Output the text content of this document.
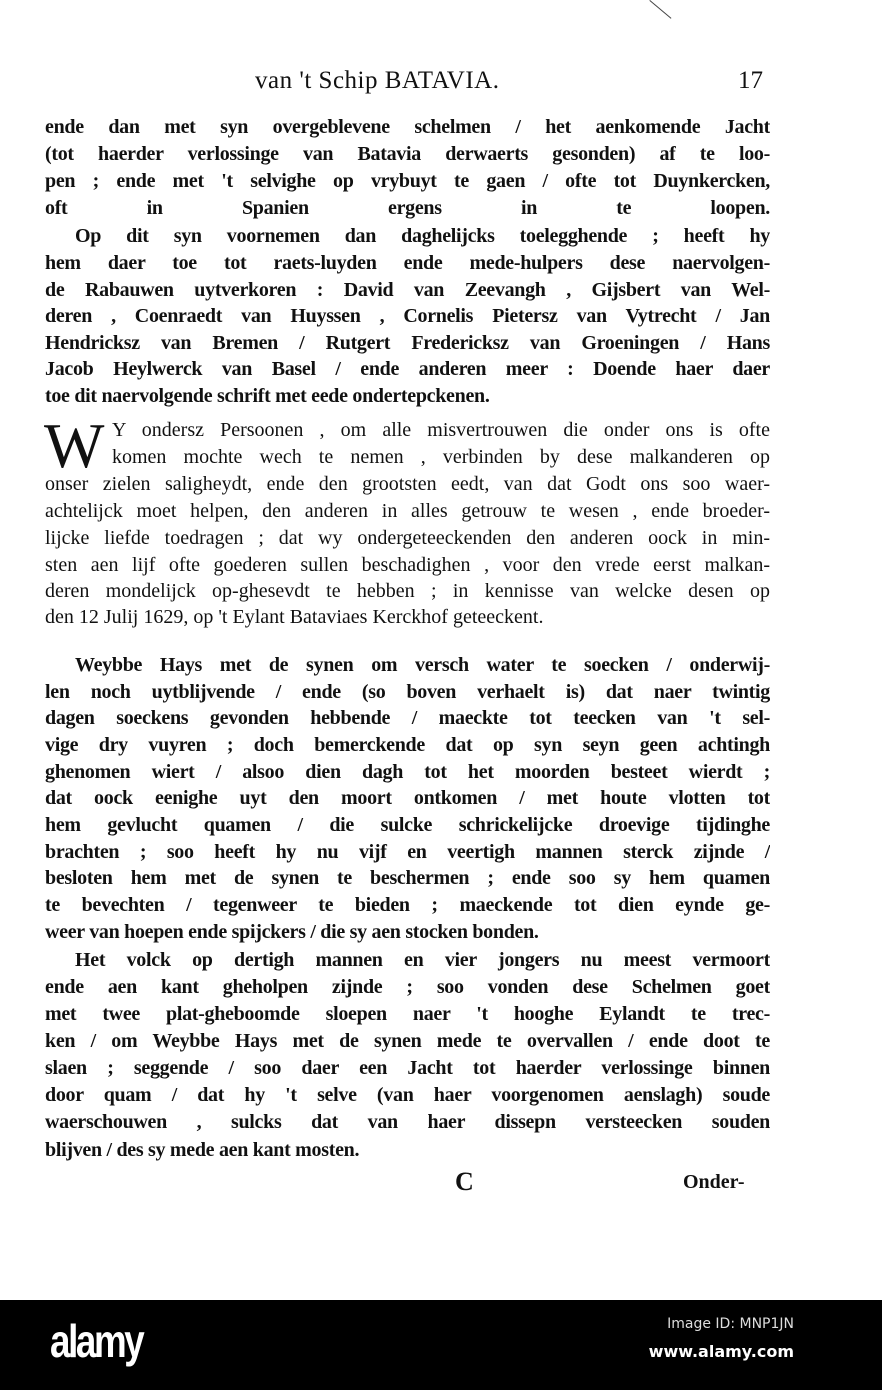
van 't Schip BATAVIA.	17
W
ende dan met syn overgeblevene schelmen / het aenkomende Jacht
(tot haerder verlossinge van Batavia derwaerts gesonden) af te loo-
pen ; ende met 't selvighe op vrybuyt te gaen / ofte tot Duynkercken,
oft in Spanien ergens in te loopen.
Op dit syn voornemen dan daghelijcks toelegghende ; heeft hy
hem daer toe tot raets-luyden ende mede-hulpers dese naervolgen-
de Rabauwen uytverkoren : David van Zeevangh , Gijsbert van Wel-
deren , Coenraedt van Huyssen , Cornelis Pietersz van Vytrecht / Jan
Hendricksz van Bremen / Rutgert Fredericksz van Groeningen / Hans
Jacob Heylwerck van Basel / ende anderen meer : Doende haer daer
toe dit naervolgende schrift met eede ondertepckenen.
Y ondersz Persoonen , om alle misvertrouwen die onder ons is ofte
komen mochte wech te nemen , verbinden by dese malkanderen op
onser zielen saligheydt, ende den grootsten eedt, van dat Godt ons soo waer-
achtelijck moet helpen, den anderen in alles getrouw te wesen , ende broeder-
lijcke liefde toedragen ; dat wy ondergeteeckenden den anderen oock in min-
sten aen lijf ofte goederen sullen beschadighen , voor den vrede eerst malkan-
deren mondelijck op-ghesevdt te hebben ; in kennisse van welcke desen op
den 12 Julij 1629, op 't Eylant Bataviaes Kerckhof geteeckent.
Weybbe Hays met de synen om versch water te soecken / onderwij-
len noch uytblijvende / ende (so boven verhaelt is) dat naer twintig
dagen soeckens gevonden hebbende / maeckte tot teecken van 't sel-
vige dry vuyren ; doch bemerckende dat op syn seyn geen achtingh
ghenomen wiert / alsoo dien dagh tot het moorden besteet wierdt ;
dat oock eenighe uyt den moort ontkomen / met houte vlotten tot
hem gevlucht quamen / die sulcke schrickelijcke droevige tijdinghe
brachten ; soo heeft hy nu vijf en veertigh mannen sterck zijnde /
besloten hem met de synen te beschermen ; ende soo sy hem quamen
te bevechten / tegenweer te bieden ; maeckende tot dien eynde ge-
weer van hoepen ende spijckers / die sy aen stocken bonden.
Het volck op dertigh mannen en vier jongers nu meest vermoort
ende aen kant gheholpen zijnde ; soo vonden dese Schelmen goet
met twee plat-gheboomde sloepen naer 't hooghe Eylandt te trec-
ken / om Weybbe Hays met de synen mede te overvallen / ende doot te
slaen ; seggende / soo daer een Jacht tot haerder verlossinge binnen
door quam / dat hy 't selve (van haer voorgenomen aenslagh) soude
waerschouwen , sulcks dat van haer dissepn versteecken souden
blijven / des sy mede aen kant mosten.
C	Onder-
alamy	Image ID: MNP1JN
www.alamy.com
